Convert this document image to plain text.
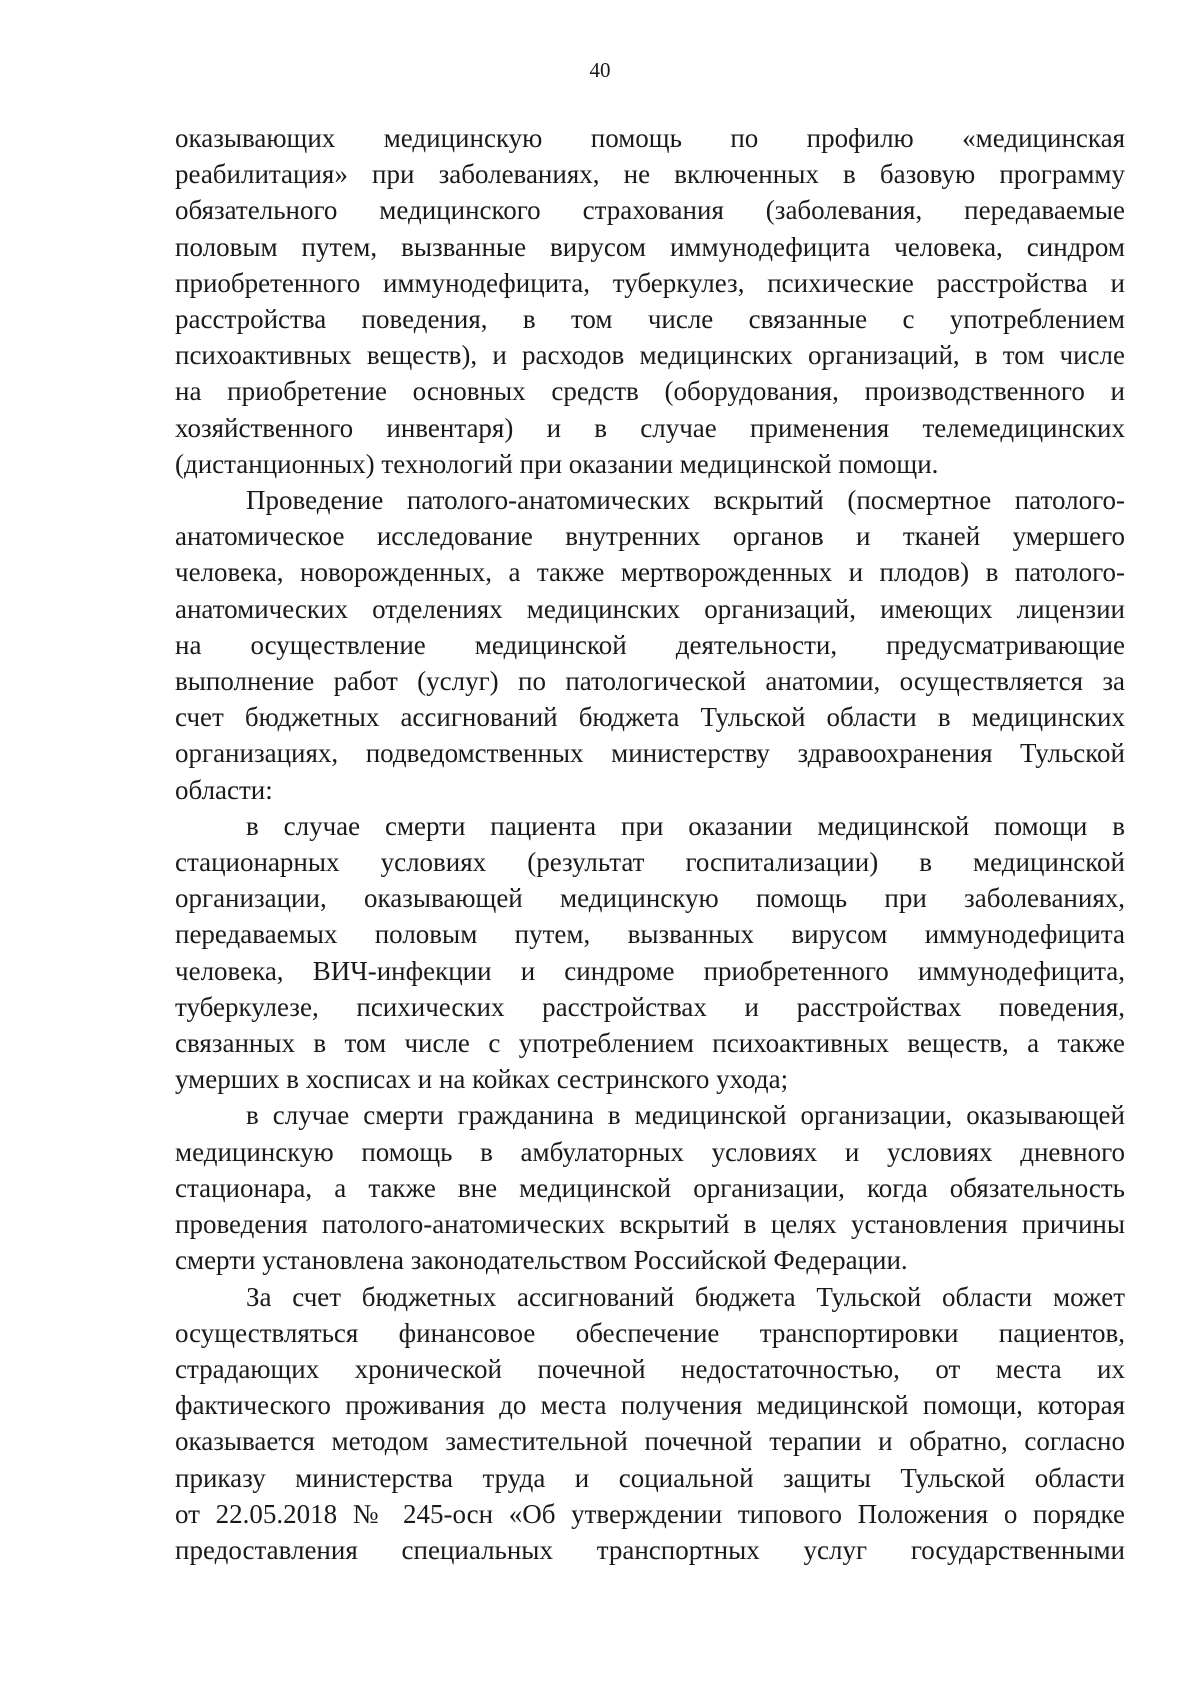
40

оказывающих медицинскую помощь по профилю «медицинская
реабилитация» при заболеваниях, не включенных в базовую программу
обязательного медицинского страхования (заболевания, передаваемые
половым путем, вызванные вирусом иммунодефицита человека, синдром
приобретенного иммунодефицита, туберкулез, психические расстройства и
расстройства поведения, в том числе связанные с употреблением
психоактивных веществ), и расходов медицинских организаций, в том числе
на приобретение основных средств (оборудования, производственного и
хозяйственного инвентаря) и в случае применения телемедицинских
(дистанционных) технологий при оказании медицинской помощи.

Проведение патолого-анатомических вскрытий (посмертное патолого-
анатомическое исследование внутренних органов и тканей умершего
человека, новорожденных, а также мертворожденных и плодов) в патолого-
анатомических отделениях медицинских организаций, имеющих лицензии
на осуществление медицинской деятельности, предусматривающие
выполнение работ (услуг) по патологической анатомии, осуществляется за
счет бюджетных ассигнований бюджета Тульской области в медицинских
организациях, подведомственных министерству здравоохранения Тульской
области:

в случае смерти пациента при оказании медицинской помощи в
стационарных условиях (результат госпитализации) в медицинской
организации, оказывающей медицинскую помощь при заболеваниях,
передаваемых половым путем, вызванных вирусом иммунодефицита
человека, ВИЧ-инфекции и синдроме приобретенного иммунодефицита,
туберкулезе, психических расстройствах и расстройствах поведения,
связанных в том числе с употреблением психоактивных веществ, а также
умерших в хосписах и на койках сестринского ухода;

в случае смерти гражданина в медицинской организации, оказывающей
медицинскую помощь в амбулаторных условиях и условиях дневного
стационара, а также вне медицинской организации, когда обязательность
проведения патолого-анатомических вскрытий в целях установления причины
смерти установлена законодательством Российской Федерации.

За счет бюджетных ассигнований бюджета Тульской области может
осуществляться финансовое обеспечение транспортировки пациентов,
страдающих хронической почечной недостаточностью, от места их
фактического проживания до места получения медицинской помощи, которая
оказывается методом заместительной почечной терапии и обратно, согласно
приказу министерства труда и социальной защиты Тульской области
от 22.05.2018 № 245-осн «Об утверждении типового Положения о порядке
предоставления специальных транспортных услуг государственными
